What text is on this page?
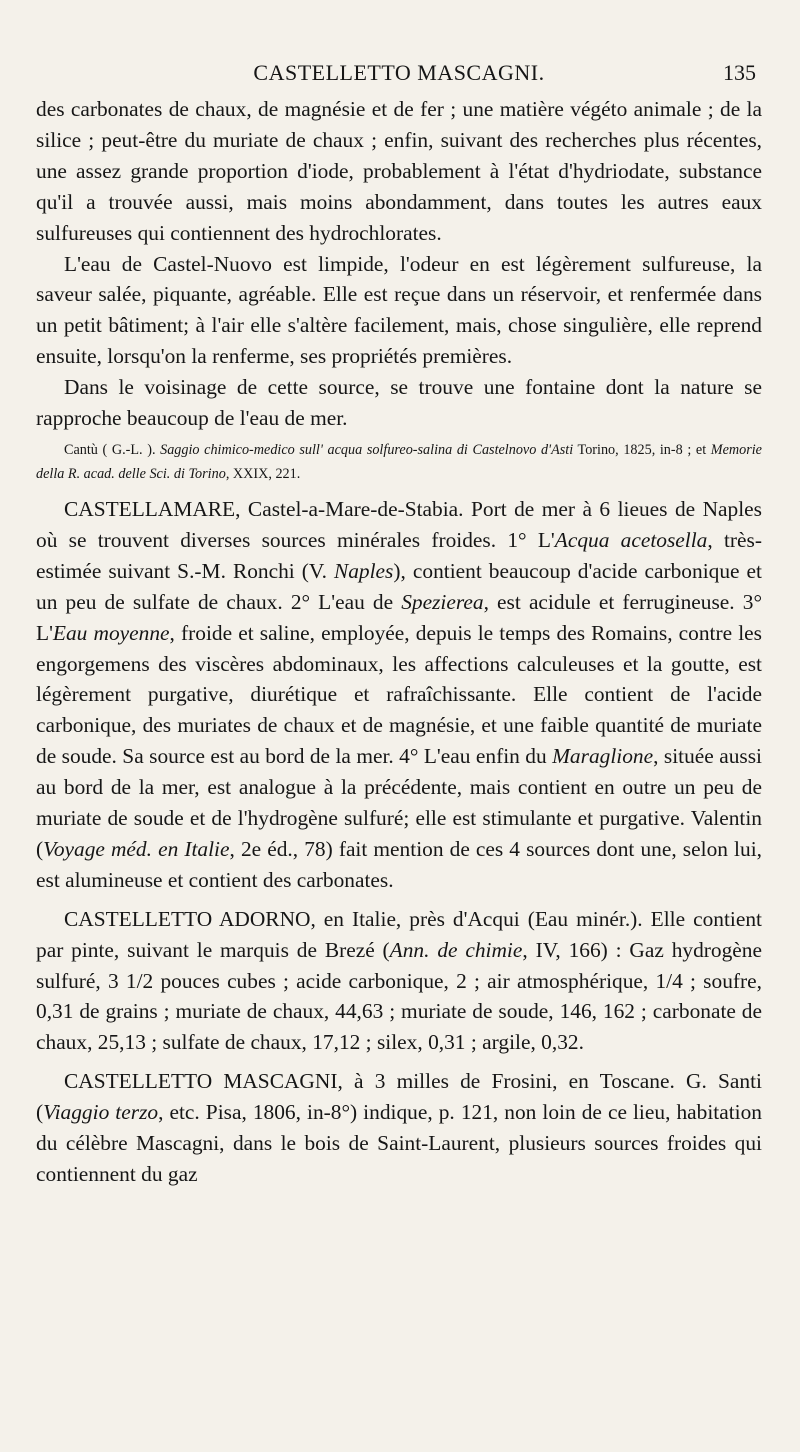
CASTELLETTO MASCAGNI.	135

des carbonates de chaux, de magnésie et de fer ; une matière végéto animale ; de la silice ; peut-être du muriate de chaux ; enfin, suivant des recherches plus récentes, une assez grande proportion d'iode, probablement à l'état d'hydriodate, substance qu'il a trouvée aussi, mais moins abondamment, dans toutes les autres eaux sulfureuses qui contiennent des hydrochlorates.

L'eau de Castel-Nuovo est limpide, l'odeur en est légèrement sulfureuse, la saveur salée, piquante, agréable. Elle est reçue dans un réservoir, et renfermée dans un petit bâtiment; à l'air elle s'altère facilement, mais, chose singulière, elle reprend ensuite, lorsqu'on la renferme, ses propriétés premières.

Dans le voisinage de cette source, se trouve une fontaine dont la nature se rapproche beaucoup de l'eau de mer.

Cantù ( G.-L. ). Saggio chimico-medico sull' acqua solfureo-salina di Castelnovo d'Asti Torino, 1825, in-8 ; et Memorie della R. acad. delle Sci. di Torino, XXIX, 221.

CASTELLAMARE, Castel-a-Mare-de-Stabia. Port de mer à 6 lieues de Naples où se trouvent diverses sources minérales froides. 1° L'Acqua acetosella, très-estimée suivant S.-M. Ronchi (V. Naples), contient beaucoup d'acide carbonique et un peu de sulfate de chaux. 2° L'eau de Spezierea, est acidule et ferrugineuse. 3° L'Eau moyenne, froide et saline, employée, depuis le temps des Romains, contre les engorgemens des viscères abdominaux, les affections calculeuses et la goutte, est légèrement purgative, diurétique et rafraîchissante. Elle contient de l'acide carbonique, des muriates de chaux et de magnésie, et une faible quantité de muriate de soude. Sa source est au bord de la mer. 4° L'eau enfin du Maraglione, située aussi au bord de la mer, est analogue à la précédente, mais contient en outre un peu de muriate de soude et de l'hydrogène sulfuré; elle est stimulante et purgative. Valentin (Voyage méd. en Italie, 2e éd., 78) fait mention de ces 4 sources dont une, selon lui, est alumineuse et contient des carbonates.

CASTELLETTO ADORNO, en Italie, près d'Acqui (Eau minér.). Elle contient par pinte, suivant le marquis de Brezé (Ann. de chimie, IV, 166) : Gaz hydrogène sulfuré, 3 1/2 pouces cubes ; acide carbonique, 2 ; air atmosphérique, 1/4 ; soufre, 0,31 de grains ; muriate de chaux, 44,63 ; muriate de soude, 146, 162 ; carbonate de chaux, 25,13 ; sulfate de chaux, 17,12 ; silex, 0,31 ; argile, 0,32.

CASTELLETTO MASCAGNI, à 3 milles de Frosini, en Toscane. G. Santi (Viaggio terzo, etc. Pisa, 1806, in-8°) indique, p. 121, non loin de ce lieu, habitation du célèbre Mascagni, dans le bois de Saint-Laurent, plusieurs sources froides qui contiennent du gaz
